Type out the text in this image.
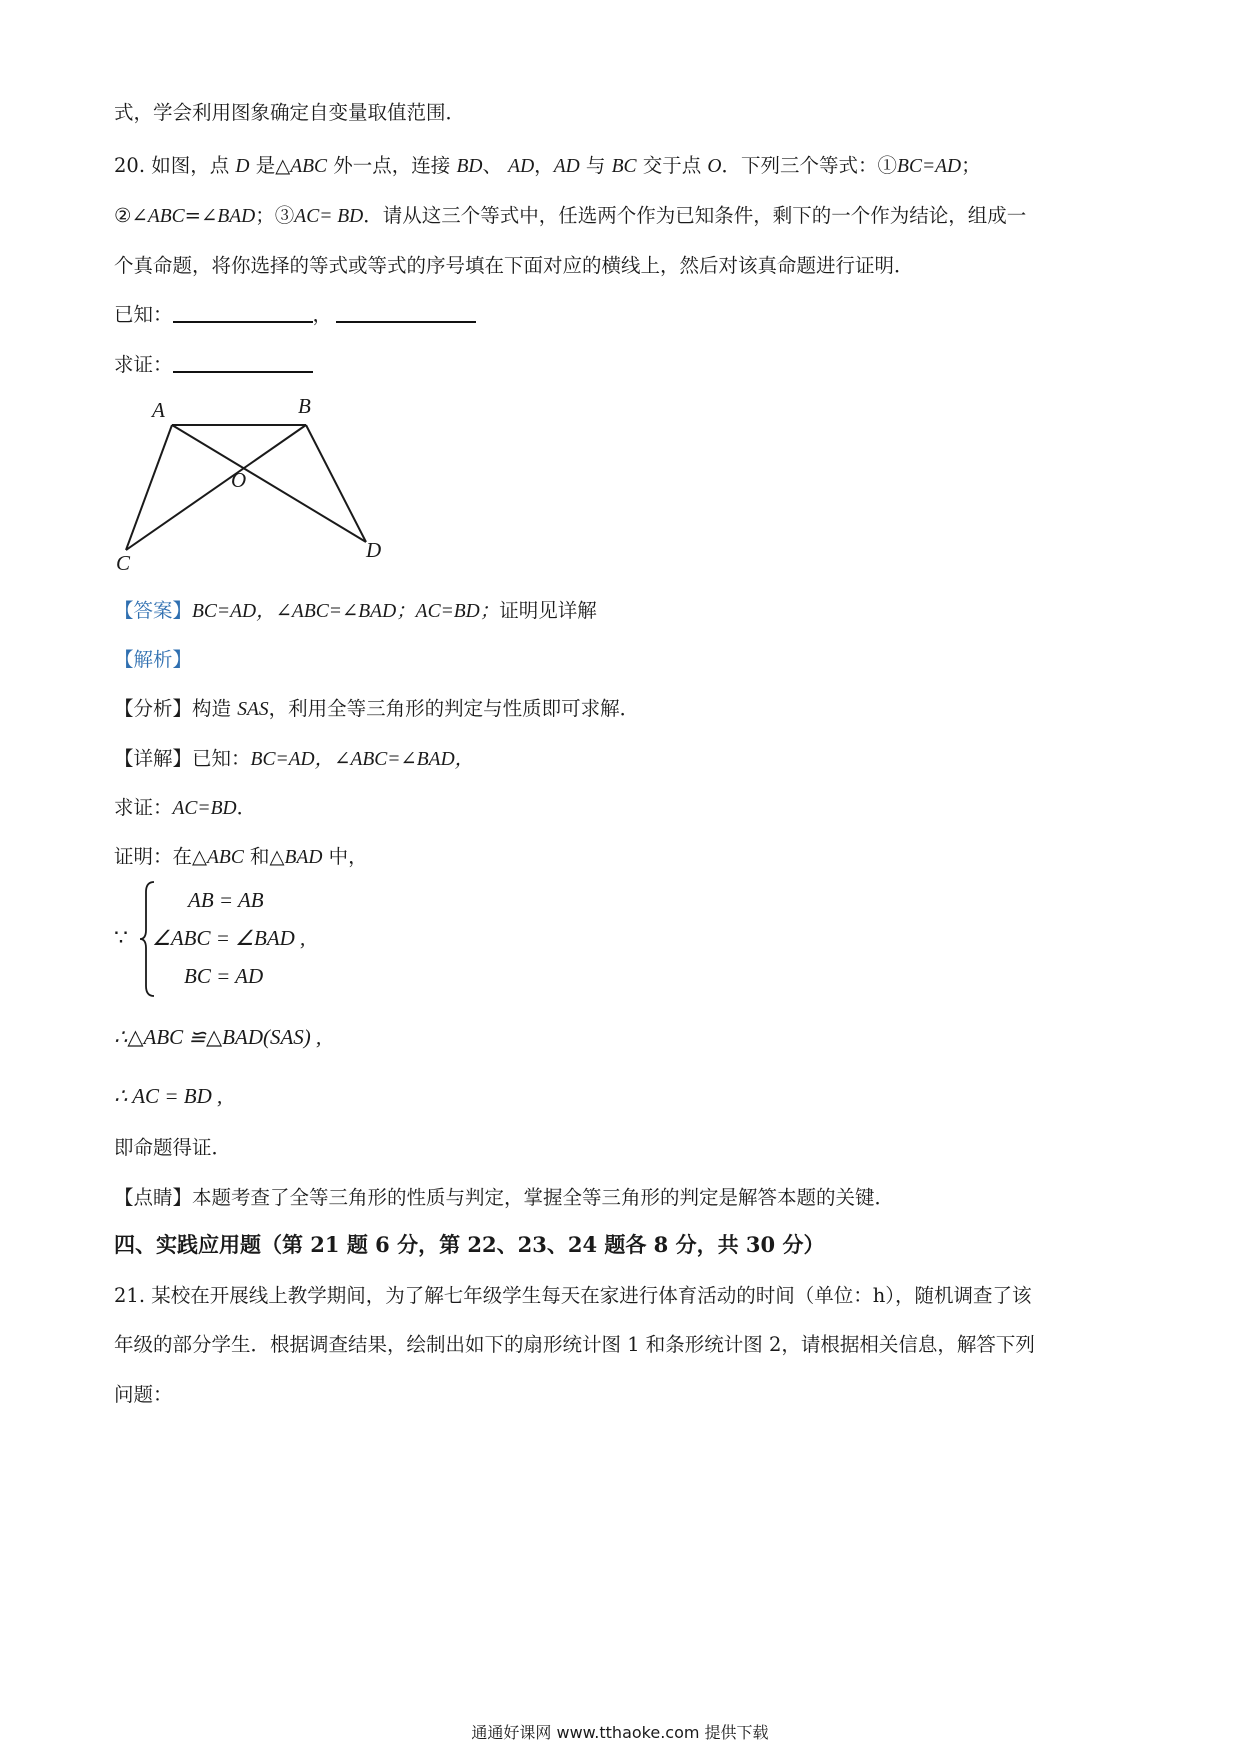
式，学会利用图象确定自变量取值范围．
20. 如图，点 D 是△ABC 外一点，连接 BD、 AD，AD 与 BC 交于点 O．下列三个等式：①BC=AD；
②∠ABC=∠BAD；③AC= BD．请从这三个等式中，任选两个作为已知条件，剩下的一个作为结论，组成一
个真命题，将你选择的等式或等式的序号填在下面对应的横线上，然后对该真命题进行证明．
已知：	，
求证：
A	B
O
C
D
【答案】BC=AD，∠ABC=∠BAD；AC=BD；证明见详解
【解析】
【分析】构造 SAS，利用全等三角形的判定与性质即可求解．
【详解】已知：BC=AD，∠ABC=∠BAD，
求证：AC=BD．
证明：在△ABC 和△BAD 中，
∵
AB = AB
∠ABC = ∠BAD ,
BC = AD
∴△ABC ≌△BAD(SAS) ,
∴ AC = BD ,
即命题得证．
【点睛】本题考查了全等三角形的性质与判定，掌握全等三角形的判定是解答本题的关键．
四、实践应用题（第 21 题 6 分，第 22、23、24 题各 8 分，共 30 分）
21. 某校在开展线上教学期间，为了解七年级学生每天在家进行体育活动的时间（单位：h），随机调查了该
年级的部分学生．根据调查结果，绘制出如下的扇形统计图 1 和条形统计图 2，请根据相关信息，解答下列
问题：
通通好课网 www.tthaoke.com 提供下载
